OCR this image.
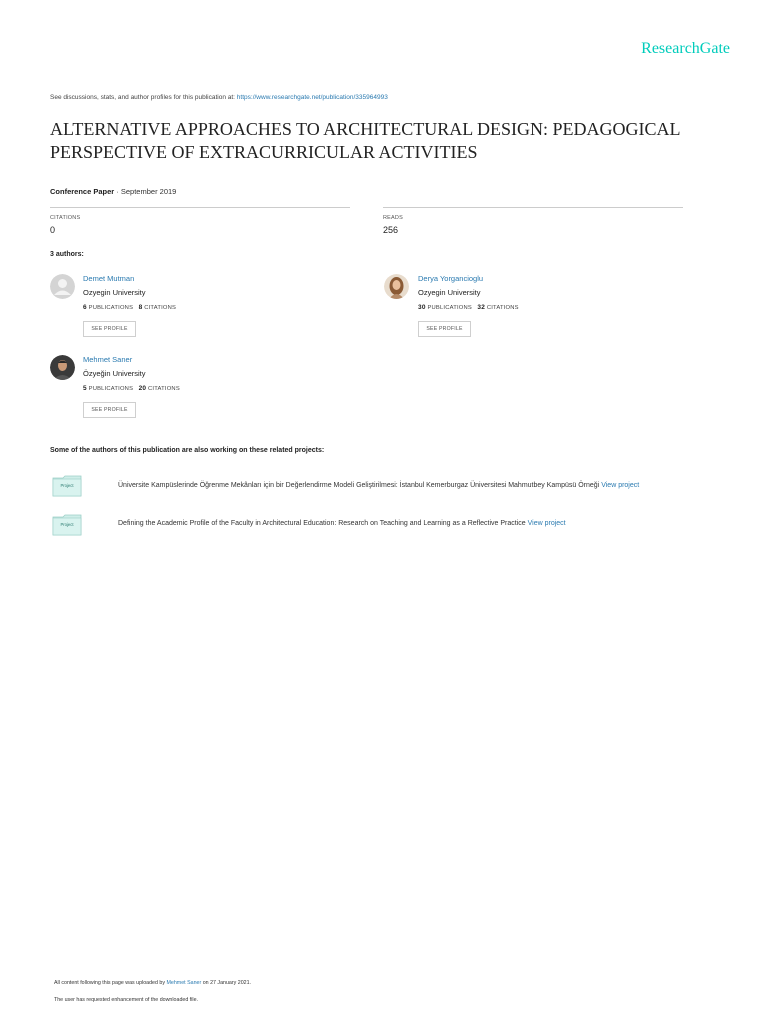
ResearchGate
See discussions, stats, and author profiles for this publication at: https://www.researchgate.net/publication/335964993
ALTERNATIVE APPROACHES TO ARCHITECTURAL DESIGN: PEDAGOGICAL PERSPECTIVE OF EXTRACURRICULAR ACTIVITIES
Conference Paper · September 2019
CITATIONS
0
READS
256
3 authors:
Demet Mutman
Ozyegin University
6 PUBLICATIONS 8 CITATIONS
SEE PROFILE
Derya Yorgancioglu
Ozyegin University
30 PUBLICATIONS 32 CITATIONS
SEE PROFILE
Mehmet Saner
Özyeğin University
5 PUBLICATIONS 20 CITATIONS
SEE PROFILE
Some of the authors of this publication are also working on these related projects:
Project	Üniversite Kampüslerinde Öğrenme Mekânları için bir Değerlendirme Modeli Geliştirilmesi: İstanbul Kemerburgaz Üniversitesi Mahmutbey Kampüsü Örneği View project
Project	Defining the Academic Profile of the Faculty in Architectural Education: Research on Teaching and Learning as a Reflective Practice View project
All content following this page was uploaded by Mehmet Saner on 27 January 2021.
The user has requested enhancement of the downloaded file.
